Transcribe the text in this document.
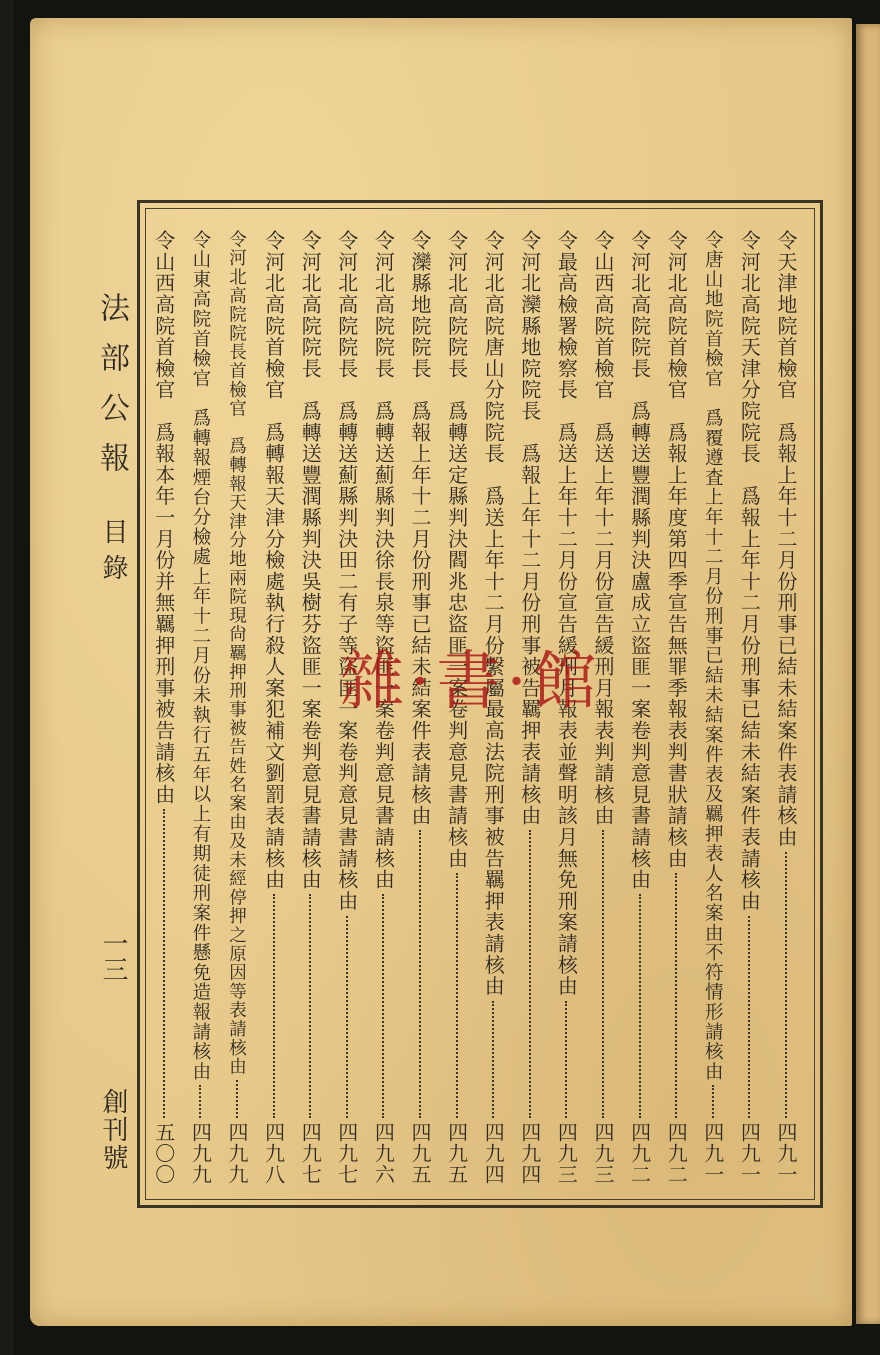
法部公報
目錄
一三
創刊號
令天津地院首檢官　爲報上年十二月份刑事已結未結案件表請核由
四九一
令河北高院天津分院院長　爲報上年十二月份刑事已結未結案件表請核由
四九一
令唐山地院首檢官　爲覆遵査上年十二月份刑事已結未結案件表及羈押表人名案由不符情形請核由
四九一
令河北高院首檢官　爲報上年度第四季宣告無罪季報表判書狀請核由
四九二
令河北高院院長　爲轉送豐潤縣判決盧成立盜匪一案卷判意見書請核由
四九二
令山西高院首檢官　爲送上年十二月份宣告緩刑月報表判請核由
四九三
令最高檢署檢察長　爲送上年十二月份宣告緩刑月報表並聲明該月無免刑案請核由
四九三
令河北灤縣地院院長　爲報上年十二月份刑事被告羈押表請核由
四九四
令河北高院唐山分院院長　爲送上年十二月份繫屬最高法院刑事被告羈押表請核由
四九四
令河北高院院長　爲轉送定縣判決閻兆忠盜匪一案卷判意見書請核由
四九五
令灤縣地院院長　爲報上年十二月份刑事已結未結案件表請核由
四九五
令河北高院院長　爲轉送薊縣判決徐長泉等盜匪一案卷判意見書請核由
四九六
令河北高院院長　爲轉送薊縣判決田二有子等盜匪一案卷判意見書請核由
四九七
令河北高院院長　爲轉送豐潤縣判決吳樹芬盜匪一案卷判意見書請核由
四九七
令河北高院首檢官　爲轉報天津分檢處執行殺人案犯補文劉罰表請核由
四九八
令河北高院院長首檢官　爲轉報天津分地兩院現尙羈押刑事被告姓名案由及未經停押之原因等表請核由
四九九
令山東高院首檢官　爲轉報煙台分檢處上年十二月份未執行五年以上有期徒刑案件懸免造報請核由
四九九
令山西高院首檢官　爲報本年一月份并無羈押刑事被告請核由
五〇〇
雜·書·館
